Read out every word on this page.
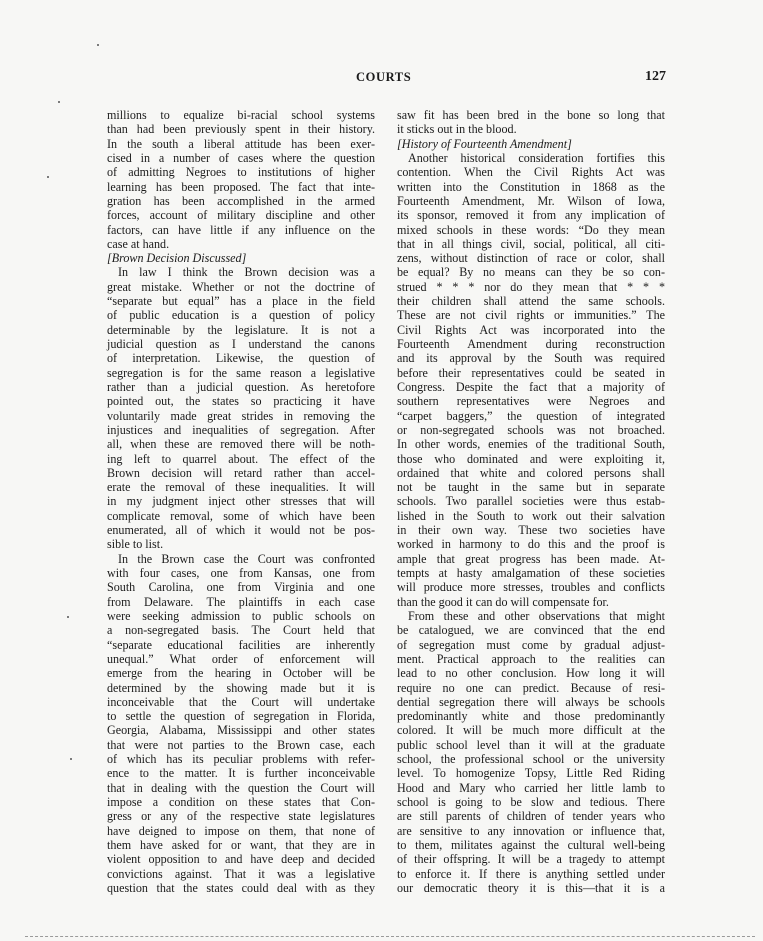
COURTS	127
millions to equalize bi-racial school systems
than had been previously spent in their history.
In the south a liberal attitude has been exer-
cised in a number of cases where the question
of admitting Negroes to institutions of higher
learning has been proposed. The fact that inte-
gration has been accomplished in the armed
forces, account of military discipline and other
factors, can have little if any influence on the
case at hand.
[Brown Decision Discussed]
In law I think the Brown decision was a
great mistake. Whether or not the doctrine of
“separate but equal” has a place in the field
of public education is a question of policy
determinable by the legislature. It is not a
judicial question as I understand the canons
of interpretation. Likewise, the question of
segregation is for the same reason a legislative
rather than a judicial question. As heretofore
pointed out, the states so practicing it have
voluntarily made great strides in removing the
injustices and inequalities of segregation. After
all, when these are removed there will be noth-
ing left to quarrel about. The effect of the
Brown decision will retard rather than accel-
erate the removal of these inequalities. It will
in my judgment inject other stresses that will
complicate removal, some of which have been
enumerated, all of which it would not be pos-
sible to list.
In the Brown case the Court was confronted
with four cases, one from Kansas, one from
South Carolina, one from Virginia and one
from Delaware. The plaintiffs in each case
were seeking admission to public schools on
a non-segregated basis. The Court held that
“separate educational facilities are inherently
unequal.” What order of enforcement will
emerge from the hearing in October will be
determined by the showing made but it is
inconceivable that the Court will undertake
to settle the question of segregation in Florida,
Georgia, Alabama, Mississippi and other states
that were not parties to the Brown case, each
of which has its peculiar problems with refer-
ence to the matter. It is further inconceivable
that in dealing with the question the Court will
impose a condition on these states that Con-
gress or any of the respective state legislatures
have deigned to impose on them, that none of
them have asked for or want, that they are in
violent opposition to and have deep and decided
convictions against. That it was a legislative
question that the states could deal with as they
saw fit has been bred in the bone so long that
it sticks out in the blood.
[History of Fourteenth Amendment]
Another historical consideration fortifies this
contention. When the Civil Rights Act was
written into the Constitution in 1868 as the
Fourteenth Amendment, Mr. Wilson of Iowa,
its sponsor, removed it from any implication of
mixed schools in these words: “Do they mean
that in all things civil, social, political, all citi-
zens, without distinction of race or color, shall
be equal? By no means can they be so con-
strued * * * nor do they mean that * * *
their children shall attend the same schools.
These are not civil rights or immunities.” The
Civil Rights Act was incorporated into the
Fourteenth Amendment during reconstruction
and its approval by the South was required
before their representatives could be seated in
Congress. Despite the fact that a majority of
southern representatives were Negroes and
“carpet baggers,” the question of integrated
or non-segregated schools was not broached.
In other words, enemies of the traditional South,
those who dominated and were exploiting it,
ordained that white and colored persons shall
not be taught in the same but in separate
schools. Two parallel societies were thus estab-
lished in the South to work out their salvation
in their own way. These two societies have
worked in harmony to do this and the proof is
ample that great progress has been made. At-
tempts at hasty amalgamation of these societies
will produce more stresses, troubles and conflicts
than the good it can do will compensate for.
From these and other observations that might
be catalogued, we are convinced that the end
of segregation must come by gradual adjust-
ment. Practical approach to the realities can
lead to no other conclusion. How long it will
require no one can predict. Because of resi-
dential segregation there will always be schools
predominantly white and those predominantly
colored. It will be much more difficult at the
public school level than it will at the graduate
school, the professional school or the university
level. To homogenize Topsy, Little Red Riding
Hood and Mary who carried her little lamb to
school is going to be slow and tedious. There
are still parents of children of tender years who
are sensitive to any innovation or influence that,
to them, militates against the cultural well-being
of their offspring. It will be a tragedy to attempt
to enforce it. If there is anything settled under
our democratic theory it is this—that it is a
